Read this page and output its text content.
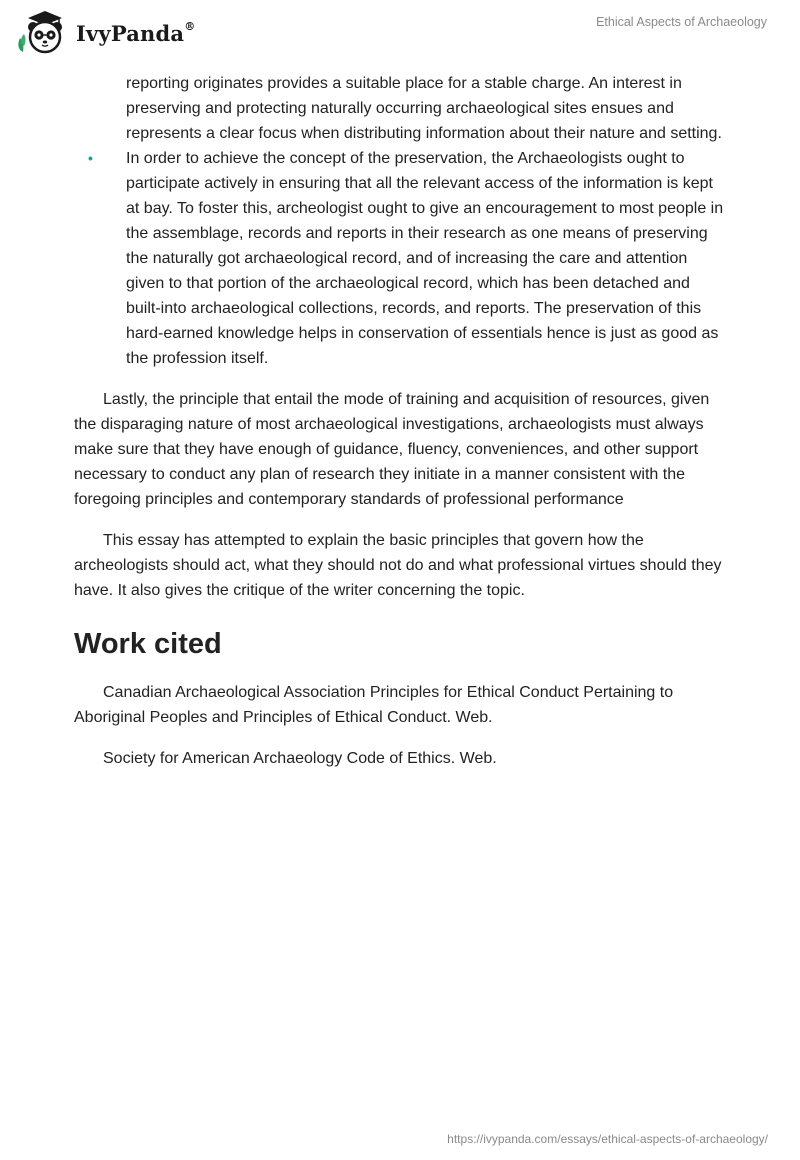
IvyPanda®	Ethical Aspects of Archaeology
reporting originates provides a suitable place for a stable charge. An interest in preserving and protecting naturally occurring archaeological sites ensues and represents a clear focus when distributing information about their nature and setting.
• In order to achieve the concept of the preservation, the Archaeologists ought to participate actively in ensuring that all the relevant access of the information is kept at bay. To foster this, archeologist ought to give an encouragement to most people in the assemblage, records and reports in their research as one means of preserving the naturally got archaeological record, and of increasing the care and attention given to that portion of the archaeological record, which has been detached and built-into archaeological collections, records, and reports. The preservation of this hard-earned knowledge helps in conservation of essentials hence is just as good as the profession itself.

Lastly, the principle that entail the mode of training and acquisition of resources, given the disparaging nature of most archaeological investigations, archaeologists must always make sure that they have enough of guidance, fluency, conveniences, and other support necessary to conduct any plan of research they initiate in a manner consistent with the foregoing principles and contemporary standards of professional performance

This essay has attempted to explain the basic principles that govern how the archeologists should act, what they should not do and what professional virtues should they have. It also gives the critique of the writer concerning the topic.

Work cited

Canadian Archaeological Association Principles for Ethical Conduct Pertaining to Aboriginal Peoples and Principles of Ethical Conduct. Web.

Society for American Archaeology Code of Ethics. Web.

https://ivypanda.com/essays/ethical-aspects-of-archaeology/
